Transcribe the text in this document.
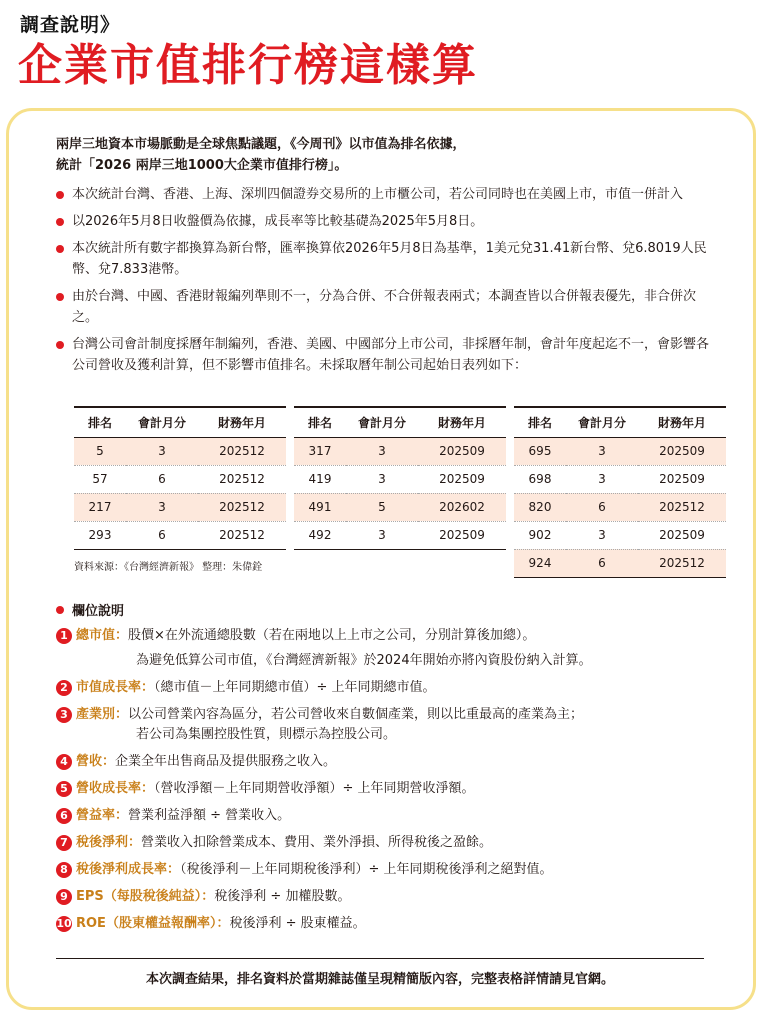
調查說明》
企業市值排行榜這樣算
兩岸三地資本市場脈動是全球焦點議題，《今周刊》以市值為排名依據，
統計「2026 兩岸三地1000大企業市值排行榜」。
本次統計台灣、香港、上海、深圳四個證券交易所的上市櫃公司，若公司同時也在美國上市，市值一併計入
以2026年5月8日收盤價為依據，成長率等比較基礎為2025年5月8日。
本次統計所有數字都換算為新台幣，匯率換算依2026年5月8日為基準，1美元兌31.41新台幣、兌6.8019人民幣、兌7.833港幣。
由於台灣、中國、香港財報編列準則不一，分為合併、不合併報表兩式；本調查皆以合併報表優先，非合併次之。
台灣公司會計制度採曆年制編列，香港、美國、中國部分上市公司，非採曆年制，會計年度起迄不一，會影響各公司營收及獲利計算，但不影響市值排名。未採取曆年制公司起始日表列如下：
排名	會計月分	財務年月
5	3	202512
57	6	202512
217	3	202512
293	6	202512
排名	會計月分	財務年月
317	3	202509
419	3	202509
491	5	202602
492	3	202509
排名	會計月分	財務年月
695	3	202509
698	3	202509
820	6	202512
902	3	202509
924	6	202512
資料來源：《台灣經濟新報》 整理：朱偉銓
欄位說明
1 總市值：股價×在外流通總股數（若在兩地以上上市之公司，分別計算後加總）。
為避免低算公司市值，《台灣經濟新報》於2024年開始亦將內資股份納入計算。
2 市值成長率：（總市值－上年同期總市值）÷ 上年同期總市值。
3 產業別：以公司營業內容為區分，若公司營收來自數個產業，則以比重最高的產業為主；
若公司為集團控股性質，則標示為控股公司。
4 營收：企業全年出售商品及提供服務之收入。
5 營收成長率：（營收淨額－上年同期營收淨額）÷ 上年同期營收淨額。
6 營益率：營業利益淨額 ÷ 營業收入。
7 稅後淨利：營業收入扣除營業成本、費用、業外淨損、所得稅後之盈餘。
8 稅後淨利成長率：（稅後淨利－上年同期稅後淨利）÷ 上年同期稅後淨利之絕對值。
9 EPS（每股稅後純益）：稅後淨利 ÷ 加權股數。
10 ROE（股東權益報酬率）：稅後淨利 ÷ 股東權益。
本次調查結果，排名資料於當期雜誌僅呈現精簡版內容，完整表格詳情請見官網。
